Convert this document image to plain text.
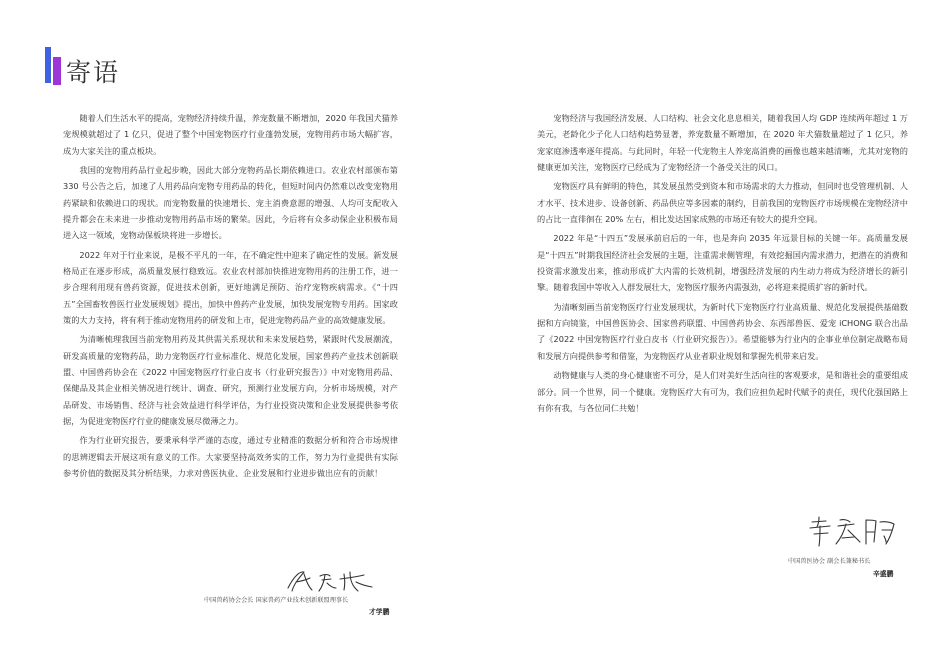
寄语

随着人们生活水平的提高，宠物经济持续升温，养宠数量不断增加，2020 年我国犬猫养宠规模就超过了 1 亿只，促进了整个中国宠物医疗行业蓬勃发展，宠物用药市场大幅扩容，成为大家关注的重点板块。

我国的宠物用药品行业起步晚，因此大部分宠物药品长期依赖进口。农业农村部颁布第 330 号公告之后，加速了人用药品向宠物专用药品的转化，但短时间内仍然难以改变宠物用药紧缺和依赖进口的现状。而宠物数量的快速增长、宠主消费意愿的增强、人均可支配收入提升都会在未来进一步推动宠物用药品市场的繁荣。因此，今后将有众多动保企业积极布局进入这一领域，宠物动保板块将进一步增长。

2022 年对于行业来说，是极不平凡的一年，在不确定性中迎来了确定性的发展。新发展格局正在逐步形成，高质量发展行稳致远。农业农村部加快推进宠物用药的注册工作，进一步合理利用现有兽药资源，促进技术创新，更好地满足预防、治疗宠物疾病需求。《“十四五”全国畜牧兽医行业发展规划》提出，加快中兽药产业发展，加快发展宠物专用药。国家政策的大力支持，将有利于推动宠物用药的研发和上市，促进宠物药品产业的高效健康发展。

为清晰梳理我国当前宠物用药及其供需关系现状和未来发展趋势，紧跟时代发展潮流，研发高质量的宠物药品，助力宠物医疗行业标准化、规范化发展，国家兽药产业技术创新联盟、中国兽药协会在《2022 中国宠物医疗行业白皮书（行业研究报告）》中对宠物用药品、保健品及其企业相关情况进行统计、调查、研究，预测行业发展方向，分析市场规模，对产品研发、市场销售、经济与社会效益进行科学评估，为行业投资决策和企业发展提供参考依据，为促进宠物医疗行业的健康发展尽微薄之力。

作为行业研究报告，要秉承科学严谨的态度，通过专业精准的数据分析和符合市场规律的思辨逻辑去开展这项有意义的工作。大家要坚持高效务实的工作，努力为行业提供有实际参考价值的数据及其分析结果，力求对兽医执业、企业发展和行业进步做出应有的贡献！

宠物经济与我国经济发展、人口结构、社会文化息息相关，随着我国人均 GDP 连续两年超过 1 万美元，老龄化少子化人口结构趋势显著，养宠数量不断增加，在 2020 年犬猫数量超过了 1 亿只，养宠家庭渗透率逐年提高。与此同时，年轻一代宠物主人养宠高消费的画像也越来越清晰，尤其对宠物的健康更加关注，宠物医疗已经成为了宠物经济一个备受关注的风口。

宠物医疗具有鲜明的特色，其发展虽然受到资本和市场需求的大力推动，但同时也受管理机制、人才水平、技术进步、设备创新、药品供应等多因素的制约，目前我国的宠物医疗市场规模在宠物经济中的占比一直徘徊在 20% 左右，相比发达国家成熟的市场还有较大的提升空间。

2022 年是“十四五”发展承前启后的一年，也是奔向 2035 年远景目标的关键一年。高质量发展是“十四五”时期我国经济社会发展的主题，注重需求侧管理，有效挖掘国内需求潜力，把潜在的消费和投资需求激发出来，推动形成扩大内需的长效机制，增强经济发展的内生动力将成为经济增长的新引擎。随着我国中等收入人群发展壮大，宠物医疗服务内需强劲，必将迎来提质扩容的新时代。

为清晰刻画当前宠物医疗行业发展现状，为新时代下宠物医疗行业高质量、规范化发展提供基础数据和方向镜鉴，中国兽医协会、国家兽药联盟、中国兽药协会、东西部兽医、爱宠 iCHONG 联合出品了《2022 中国宠物医疗行业白皮书（行业研究报告）》。希望能够为行业内的企事业单位制定战略布局和发展方向提供参考和借鉴，为宠物医疗从业者职业规划和掌握先机带来启发。

动物健康与人类的身心健康密不可分，是人们对美好生活向往的客观要求，是和谐社会的重要组成部分。同一个世界，同一个健康。宠物医疗大有可为，我们应担负起时代赋予的责任，现代化强国路上有你有我，与各位同仁共勉！

中国兽药协会会长 国家兽药产业技术创新联盟理事长

才学鹏

中国兽医协会 副会长兼秘书长

辛盛鹏
